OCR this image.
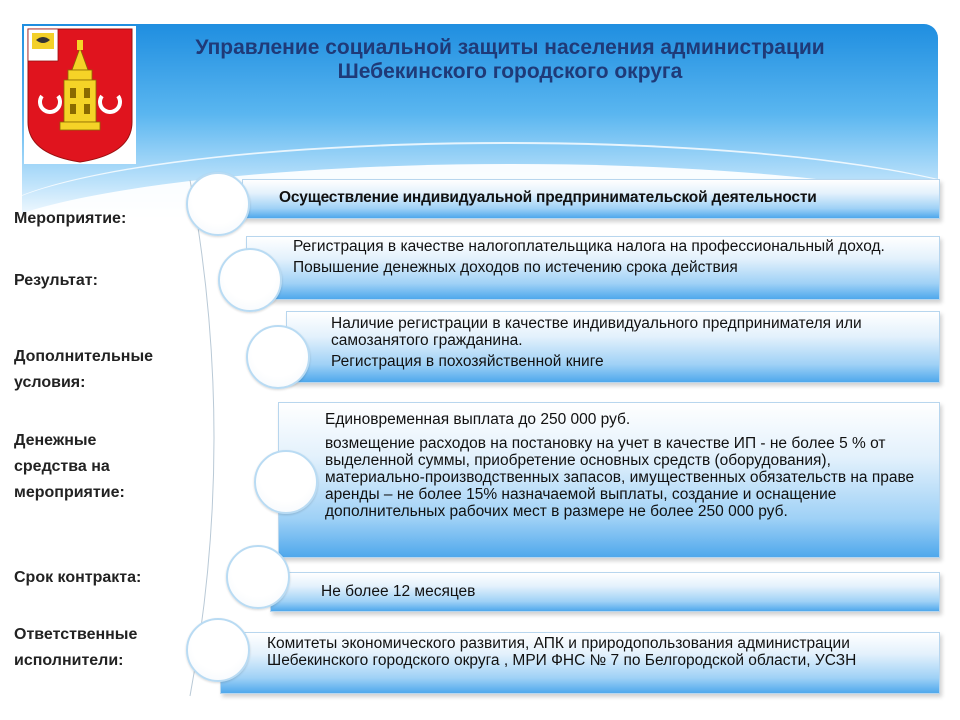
Управление социальной защиты населения администрации
Шебекинского городского округа
Мероприятие:

Осуществление индивидуальной предпринимательской деятельности

Результат:

Регистрация в качестве налогоплательщика налога на профессиональный доход.

Повышение денежных доходов по истечению срока действия

Дополнительные
условия:

Наличие регистрации в качестве индивидуального предпринимателя или самозанятого гражданина.

Регистрация в похозяйственной книге

Денежные
средства на
мероприятие:

Единовременная выплата до 250 000 руб.

возмещение расходов на постановку на учет в качестве ИП - не более 5 % от выделенной суммы, приобретение основных средств (оборудования), материально-производственных запасов, имущественных обязательств на праве аренды – не более 15% назначаемой выплаты, создание и оснащение дополнительных рабочих мест в размере не более 250 000 руб.

Срок контракта:

Не более 12 месяцев

Ответственные
исполнители:

Комитеты экономического развития, АПК и природопользования администрации Шебекинского городского округа , МРИ ФНС № 7 по Белгородской области, УСЗН
